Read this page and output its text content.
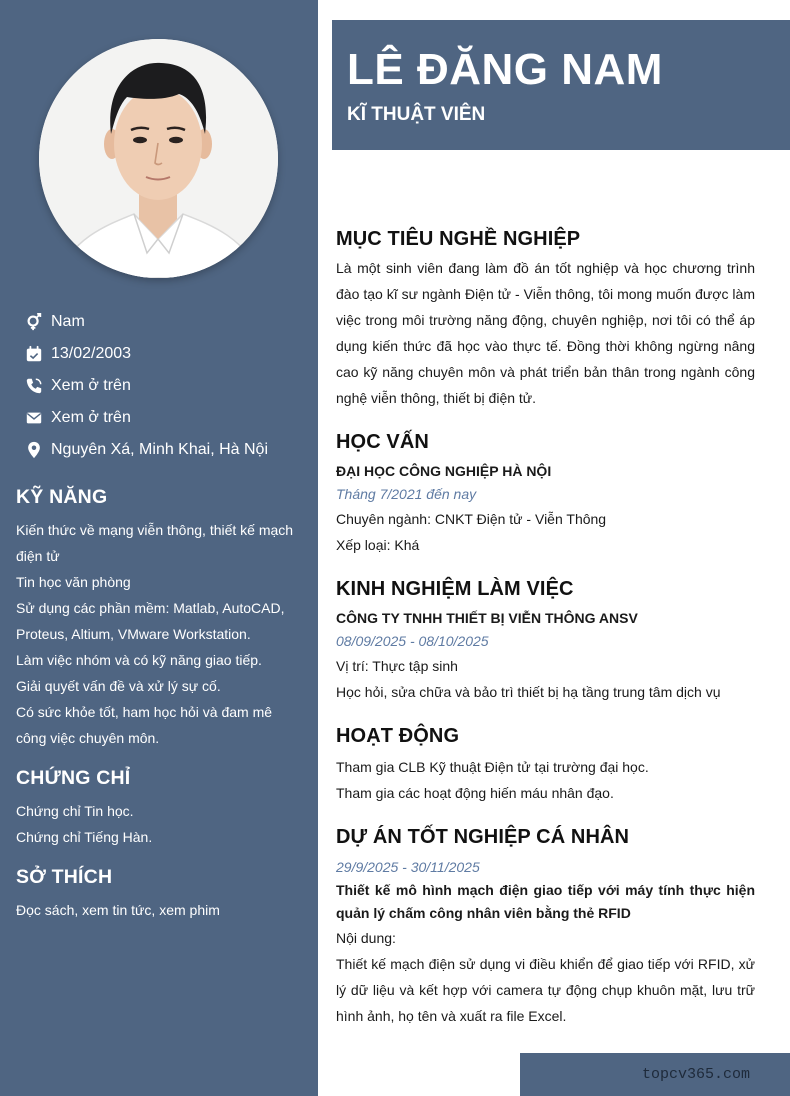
Nam
13/02/2003
Xem ở trên
Xem ở trên
Nguyên Xá, Minh Khai, Hà Nội
KỸ NĂNG
Kiến thức về mạng viễn thông, thiết kế mạch điện tử
Tin học văn phòng
Sử dụng các phần mềm: Matlab, AutoCAD, Proteus, Altium, VMware Workstation.
Làm việc nhóm và có kỹ năng giao tiếp.
Giải quyết vấn đề và xử lý sự cố.
Có sức khỏe tốt, ham học hỏi và đam mê công việc chuyên môn.
CHỨNG CHỈ
Chứng chỉ Tin học.
Chứng chỉ Tiếng Hàn.
SỞ THÍCH
Đọc sách, xem tin tức, xem phim
LÊ ĐĂNG NAM
KĨ THUẬT VIÊN
MỤC TIÊU NGHỀ NGHIỆP
Là một sinh viên đang làm đồ án tốt nghiệp và học chương trình đào tạo kĩ sư ngành Điện tử - Viễn thông, tôi mong muốn được làm việc trong môi trường năng động, chuyên nghiệp, nơi tôi có thể áp dụng kiến thức đã học vào thực tế. Đồng thời không ngừng nâng cao kỹ năng chuyên môn và phát triển bản thân trong ngành công nghệ viễn thông, thiết bị điện tử.
HỌC VẤN
ĐẠI HỌC CÔNG NGHIỆP HÀ NỘI
Tháng 7/2021 đến nay
Chuyên ngành: CNKT Điện tử - Viễn Thông
Xếp loại: Khá
KINH NGHIỆM LÀM VIỆC
CÔNG TY TNHH THIẾT BỊ VIỄN THÔNG ANSV
08/09/2025 - 08/10/2025
Vị trí: Thực tập sinh
Học hỏi, sửa chữa và bảo trì thiết bị hạ tầng trung tâm dịch vụ
HOẠT ĐỘNG
Tham gia CLB Kỹ thuật Điện tử tại trường đại học.
Tham gia các hoạt động hiến máu nhân đạo.
DỰ ÁN TỐT NGHIỆP CÁ NHÂN
29/9/2025 - 30/11/2025
Thiết kế mô hình mạch điện giao tiếp với máy tính thực hiện quản lý chấm công nhân viên bằng thẻ RFID
Nội dung:
Thiết kế mạch điện sử dụng vi điều khiển để giao tiếp với RFID, xử lý dữ liệu và kết hợp với camera tự động chụp khuôn mặt, lưu trữ hình ảnh, họ tên và xuất ra file Excel.
topcv365.com
